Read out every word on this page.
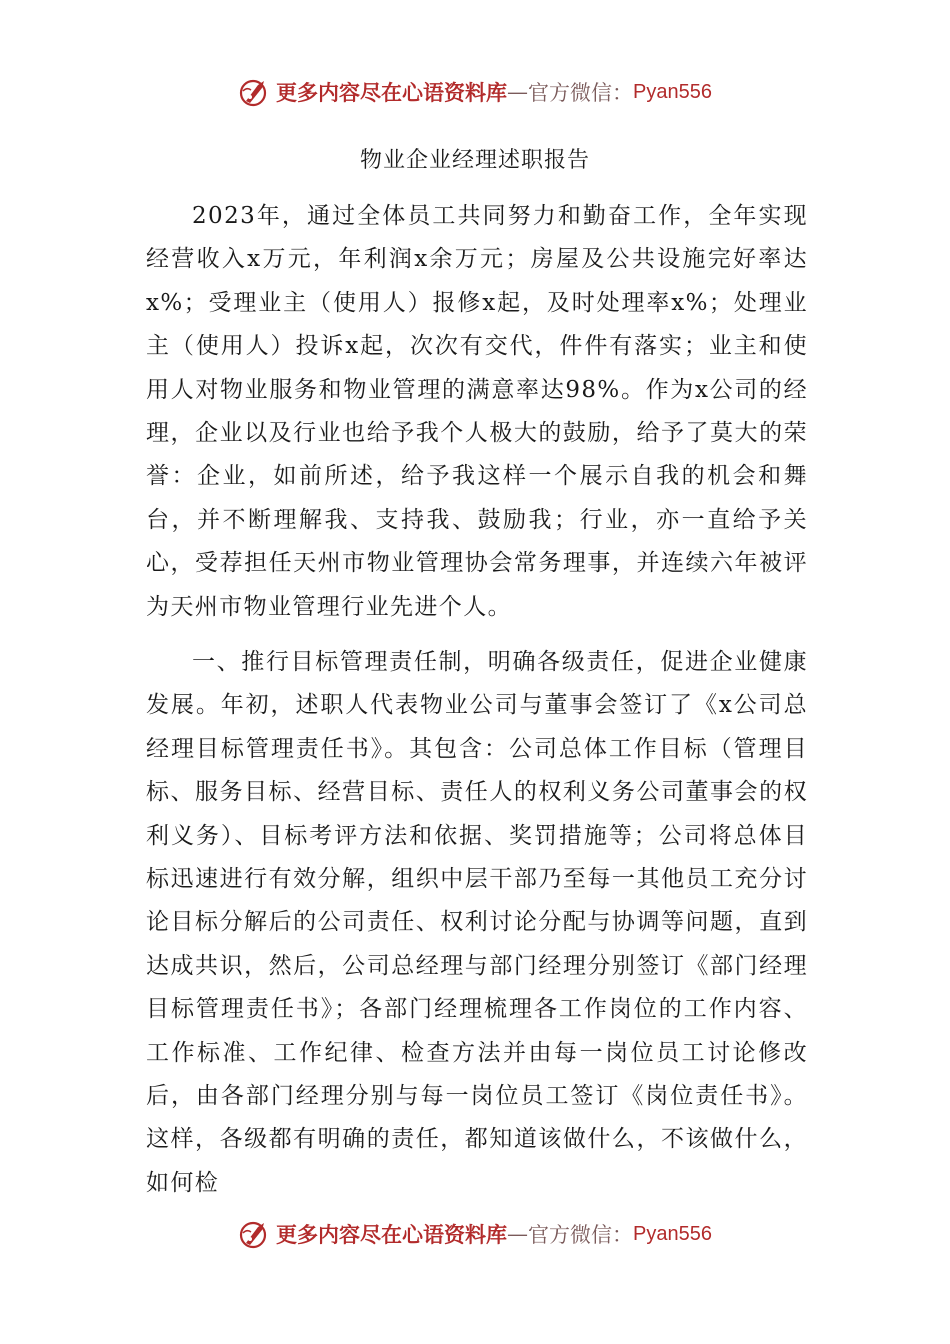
更多内容尽在心语资料库 — 官方微信： Pyan556
物业企业经理述职报告

2023年，通过全体员工共同努力和勤奋工作，全年实现经营收入x万元，年利润x余万元；房屋及公共设施完好率达x%；受理业主（使用人）报修x起，及时处理率x%；处理业主（使用人）投诉x起，次次有交代，件件有落实；业主和使用人对物业服务和物业管理的满意率达98%。作为x公司的经理，企业以及行业也给予我个人极大的鼓励，给予了莫大的荣誉：企业，如前所述，给予我这样一个展示自我的机会和舞台，并不断理解我、支持我、鼓励我；行业，亦一直给予关心，受荐担任天州市物业管理协会常务理事，并连续六年被评为天州市物业管理行业先进个人。

一、推行目标管理责任制，明确各级责任，促进企业健康发展。年初，述职人代表物业公司与董事会签订了《x公司总经理目标管理责任书》。其包含：公司总体工作目标（管理目标、服务目标、经营目标、责任人的权利义务公司董事会的权利义务）、目标考评方法和依据、奖罚措施等；公司将总体目标迅速进行有效分解，组织中层干部乃至每一其他员工充分讨论目标分解后的公司责任、权利讨论分配与协调等问题，直到达成共识，然后，公司总经理与部门经理分别签订《部门经理目标管理责任书》；各部门经理梳理各工作岗位的工作内容、工作标准、工作纪律、检查方法并由每一岗位员工讨论修改后，由各部门经理分别与每一岗位员工签订《岗位责任书》。这样，各级都有明确的责任，都知道该做什么，不该做什么，如何检

更多内容尽在心语资料库 — 官方微信： Pyan556
